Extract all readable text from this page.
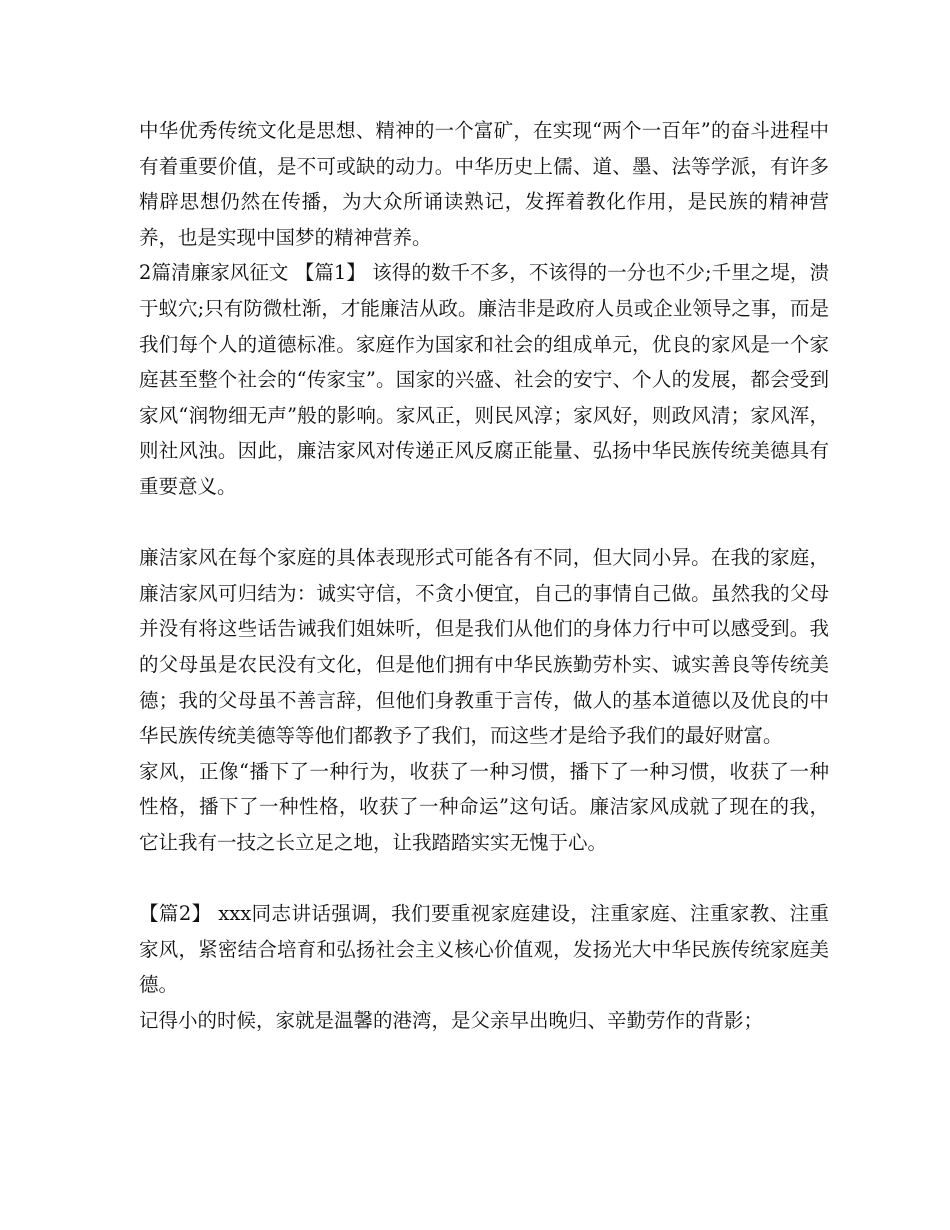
中华优秀传统文化是思想、精神的一个富矿，在实现“两个一百年”的奋斗进程中有着重要价值，是不可或缺的动力。中华历史上儒、道、墨、法等学派，有许多精辟思想仍然在传播，为大众所诵读熟记，发挥着教化作用，是民族的精神营养，也是实现中国梦的精神营养。

2篇清廉家风征文 【篇1】 该得的数千不多，不该得的一分也不少;千里之堤，溃于蚁穴;只有防微杜渐，才能廉洁从政。廉洁非是政府人员或企业领导之事，而是我们每个人的道德标准。家庭作为国家和社会的组成单元，优良的家风是一个家庭甚至整个社会的“传家宝”。国家的兴盛、社会的安宁、个人的发展，都会受到家风“润物细无声”般的影响。家风正，则民风淳；家风好，则政风清；家风浑，则社风浊。因此，廉洁家风对传递正风反腐正能量、弘扬中华民族传统美德具有重要意义。

廉洁家风在每个家庭的具体表现形式可能各有不同，但大同小异。在我的家庭，廉洁家风可归结为：诚实守信，不贪小便宜，自己的事情自己做。虽然我的父母并没有将这些话告诫我们姐妹听，但是我们从他们的身体力行中可以感受到。我的父母虽是农民没有文化，但是他们拥有中华民族勤劳朴实、诚实善良等传统美德；我的父母虽不善言辞，但他们身教重于言传，做人的基本道德以及优良的中华民族传统美德等等他们都教予了我们，而这些才是给予我们的最好财富。

家风，正像“播下了一种行为，收获了一种习惯，播下了一种习惯，收获了一种性格，播下了一种性格，收获了一种命运”这句话。廉洁家风成就了现在的我，它让我有一技之长立足之地，让我踏踏实实无愧于心。

【篇2】 xxx同志讲话强调，我们要重视家庭建设，注重家庭、注重家教、注重家风，紧密结合培育和弘扬社会主义核心价值观，发扬光大中华民族传统家庭美德。

记得小的时候，家就是温馨的港湾，是父亲早出晚归、辛勤劳作的背影；
